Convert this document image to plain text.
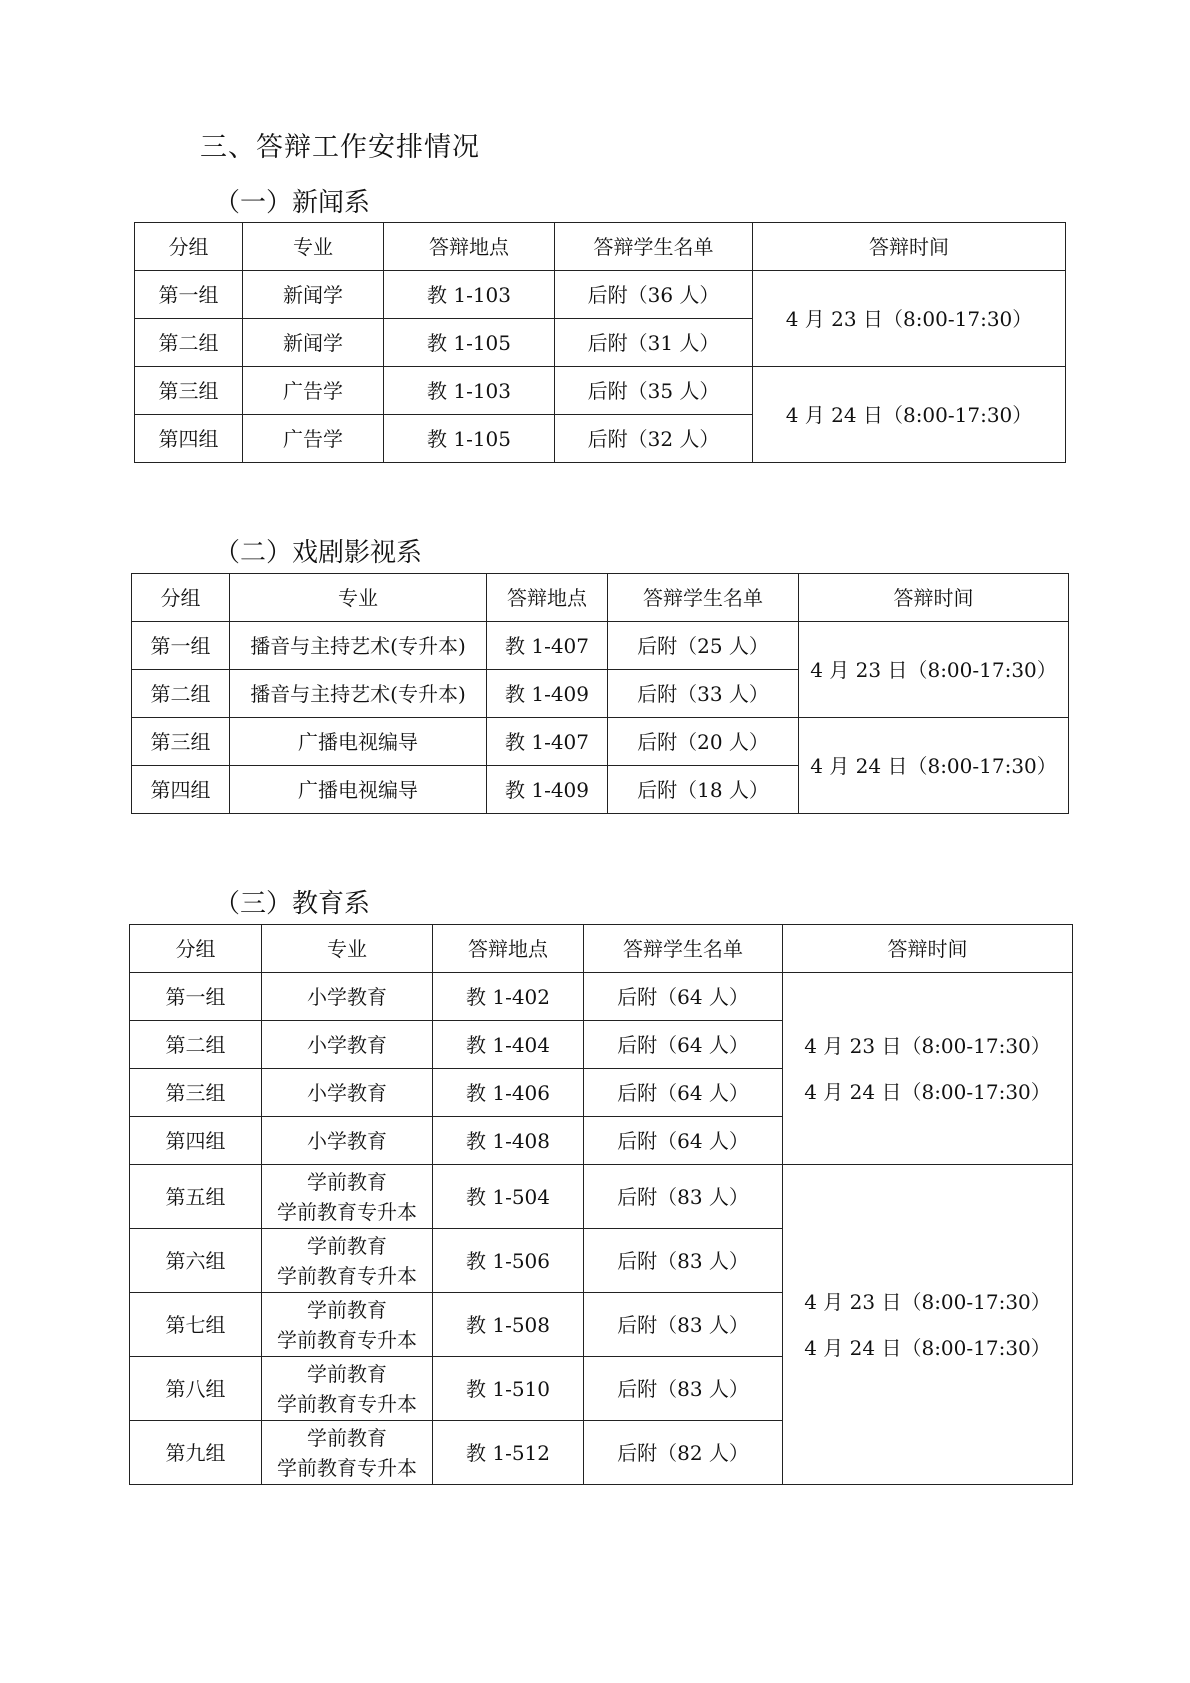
三、答辩工作安排情况
（一）新闻系
分组	专业	答辩地点	答辩学生名单	答辩时间
第一组	新闻学	教 1-103	后附（36 人）	4 月 23 日（8:00-17:30）

第二组	新闻学	教 1-105	后附（31 人）	
第三组	广告学	教 1-103	后附（35 人）	4 月 24 日（8:00-17:30）

第四组	广告学	教 1-105	后附（32 人）	
（二）戏剧影视系
分组	专业	答辩地点	答辩学生名单	答辩时间
第一组	播音与主持艺术(专升本)	教 1-407	后附（25 人）	4 月 23 日（8:00-17:30）

第二组	播音与主持艺术(专升本)	教 1-409	后附（33 人）	
第三组	广播电视编导	教 1-407	后附（20 人）	4 月 24 日（8:00-17:30）

第四组	广播电视编导	教 1-409	后附（18 人）	
（三）教育系
分组	专业	答辩地点	答辩学生名单	答辩时间
第一组	小学教育	教 1-402	后附（64 人）	4 月 23 日（8:00-17:30）
4 月 24 日（8:00-17:30）

第二组	小学教育	教 1-404	后附（64 人）	
第三组	小学教育	教 1-406	后附（64 人）	
第四组	小学教育	教 1-408	后附（64 人）	
第五组	学前教育
学前教育专升本	教 1-504	后附（83 人）	4 月 23 日（8:00-17:30）
4 月 24 日（8:00-17:30）

第六组	学前教育
学前教育专升本	教 1-506	后附（83 人）	
第七组	学前教育
学前教育专升本	教 1-508	后附（83 人）	
第八组	学前教育
学前教育专升本	教 1-510	后附（83 人）	
第九组	学前教育
学前教育专升本	教 1-512	后附（82 人）	
